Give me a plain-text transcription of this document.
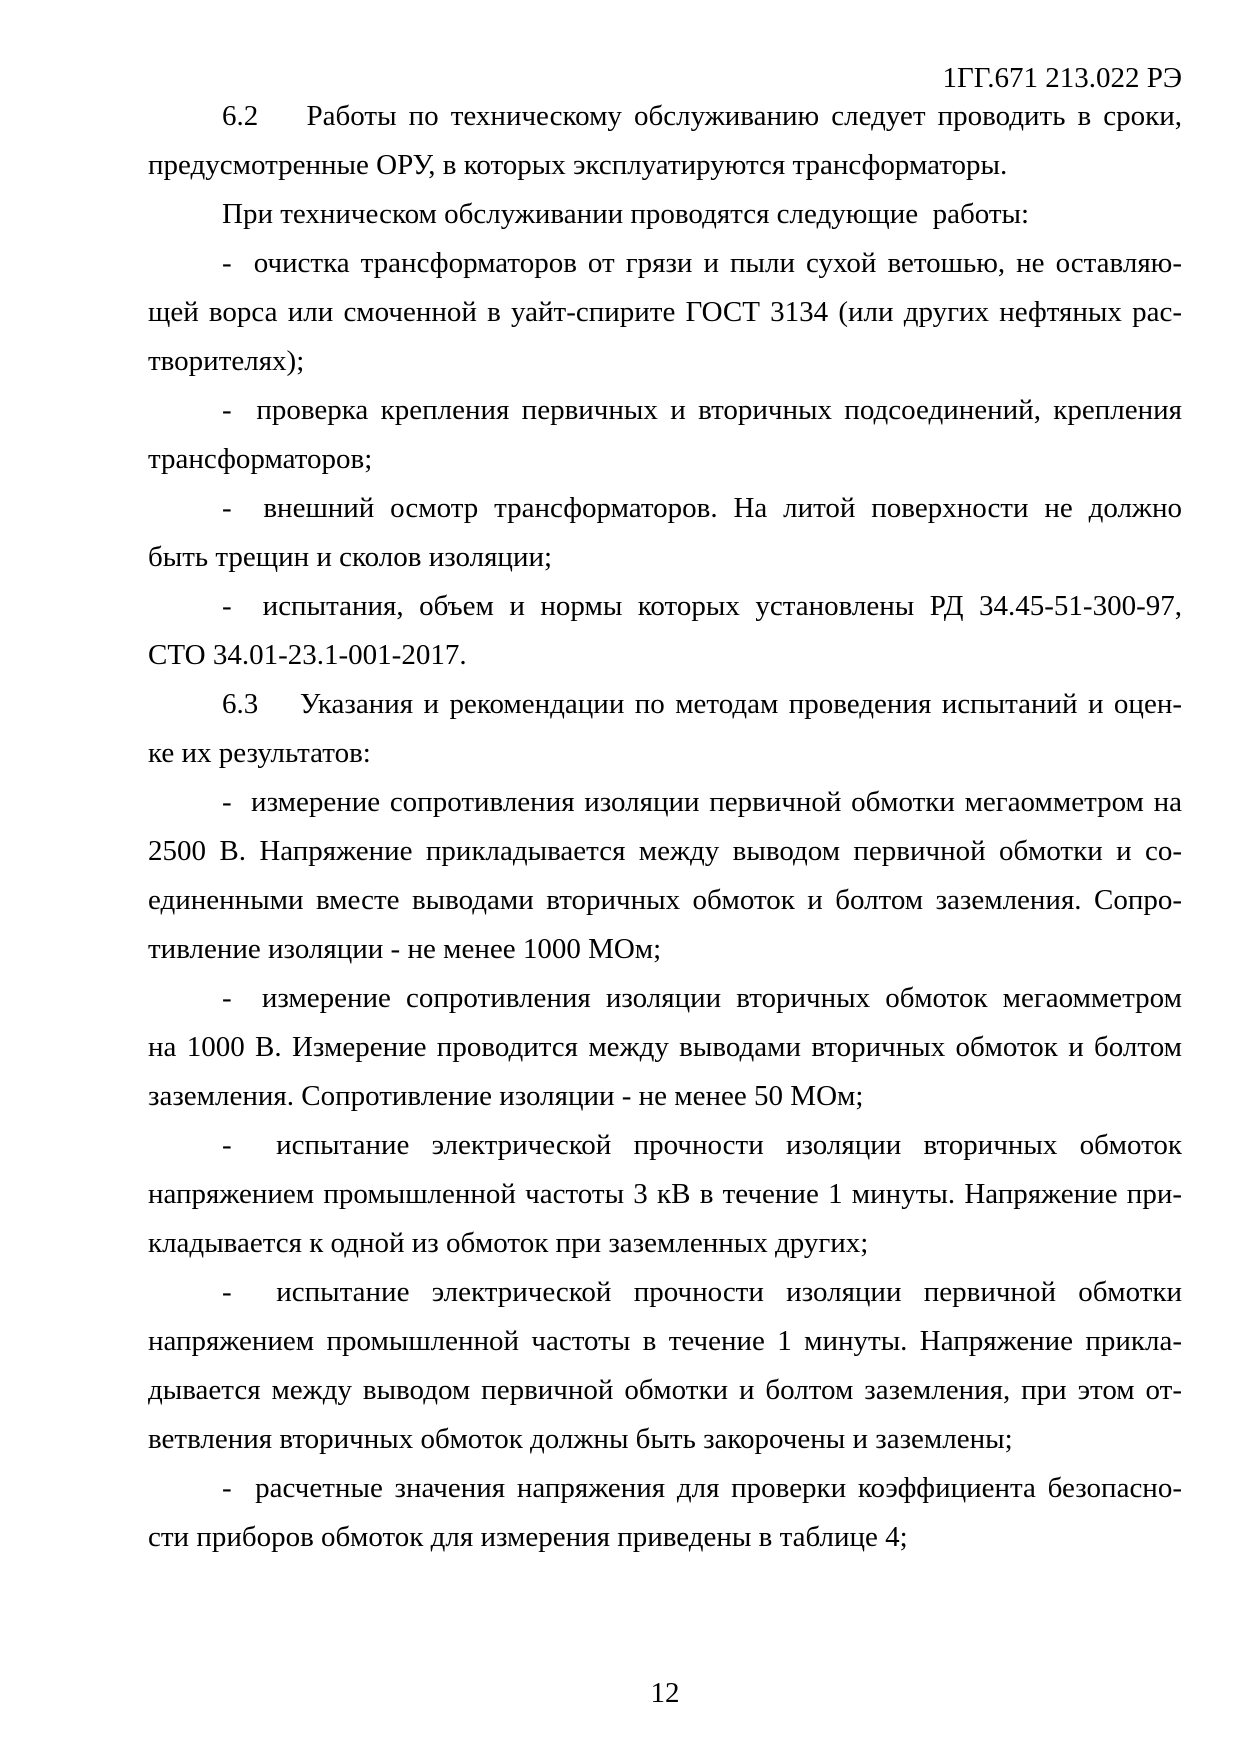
1ГГ.671 213.022 РЭ
6.2    Работы по техническому обслуживанию следует проводить в сроки,
предусмотренные ОРУ, в которых эксплуатируются трансформаторы.
При техническом обслуживании проводятся следующие  работы:
-  очистка трансформаторов от грязи и пыли сухой ветошью, не оставляю-
щей ворса или смоченной в уайт-спирите ГОСТ 3134 (или других нефтяных рас-
творителях);
-  проверка крепления первичных и вторичных подсоединений, крепления
трансформаторов;
-  внешний осмотр трансформаторов. На литой поверхности не должно
быть трещин и сколов изоляции;
-  испытания, объем и нормы которых установлены РД 34.45-51-300-97,
СТО 34.01-23.1-001-2017.
6.3    Указания и рекомендации по методам проведения испытаний и оцен-
ке их результатов:
-  измерение сопротивления изоляции первичной обмотки мегаомметром на
2500 В. Напряжение прикладывается между выводом первичной обмотки и со-
единенными вместе выводами вторичных обмоток и болтом заземления. Сопро-
тивление изоляции - не менее 1000 МОм;
-  измерение сопротивления изоляции вторичных обмоток мегаомметром
на 1000 В. Измерение проводится между выводами вторичных обмоток и болтом
заземления. Сопротивление изоляции - не менее 50 МОм;
-  испытание электрической прочности изоляции вторичных обмоток
напряжением промышленной частоты 3 кВ в течение 1 минуты. Напряжение при-
кладывается к одной из обмоток при заземленных других;
-  испытание электрической прочности изоляции первичной обмотки
напряжением промышленной частоты в течение 1 минуты. Напряжение прикла-
дывается между выводом первичной обмотки и болтом заземления, при этом от-
ветвления вторичных обмоток должны быть закорочены и заземлены;
-  расчетные значения напряжения для проверки коэффициента безопасно-
сти приборов обмоток для измерения приведены в таблице 4;
12
